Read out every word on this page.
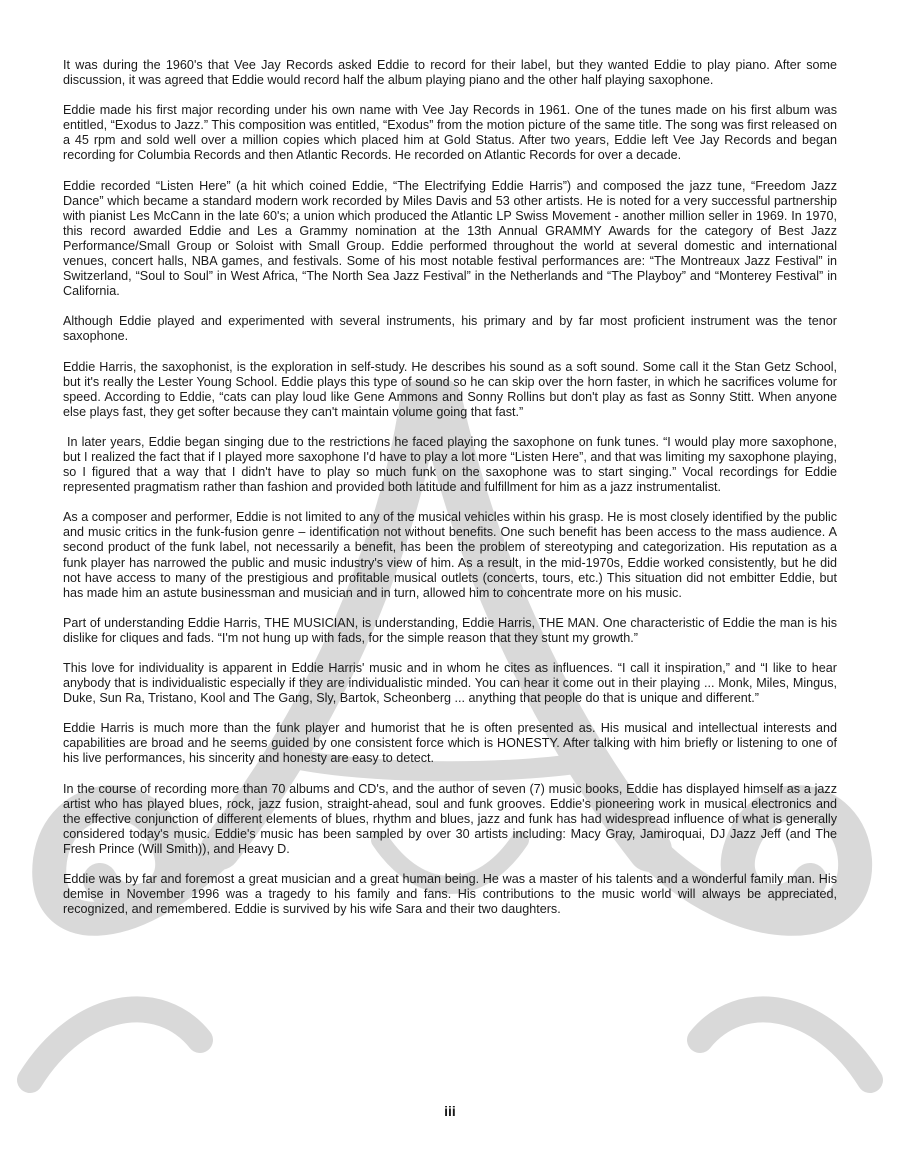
It was during the 1960's that Vee Jay Records asked Eddie to record for their label, but they wanted Eddie to play piano. After some discussion, it was agreed that Eddie would record half the album playing piano and the other half playing saxophone.

Eddie made his first major recording under his own name with Vee Jay Records in 1961. One of the tunes made on his first album was entitled, “Exodus to Jazz.” This composition was entitled, “Exodus” from the motion picture of the same title. The song was first released on a 45 rpm and sold well over a million copies which placed him at Gold Status. After two years, Eddie left Vee Jay Records and began recording for Columbia Records and then Atlantic Records. He recorded on Atlantic Records for over a decade.

Eddie recorded “Listen Here” (a hit which coined Eddie, “The Electrifying Eddie Harris”) and composed the jazz tune, “Freedom Jazz Dance” which became a standard modern work recorded by Miles Davis and 53 other artists. He is noted for a very successful partnership with pianist Les McCann in the late 60's; a union which produced the Atlantic LP Swiss Movement - another million seller in 1969. In 1970, this record awarded Eddie and Les a Grammy nomination at the 13th Annual GRAMMY Awards for the category of Best Jazz Performance/Small Group or Soloist with Small Group. Eddie performed throughout the world at several domestic and international venues, concert halls, NBA games, and festivals. Some of his most notable festival performances are: “The Montreaux Jazz Festival” in Switzerland, “Soul to Soul” in West Africa, “The North Sea Jazz Festival” in the Netherlands and “The Playboy” and “Monterey Festival” in California.

Although Eddie played and experimented with several instruments, his primary and by far most proficient instrument was the tenor saxophone.

Eddie Harris, the saxophonist, is the exploration in self-study. He describes his sound as a soft sound. Some call it the Stan Getz School, but it's really the Lester Young School. Eddie plays this type of sound so he can skip over the horn faster, in which he sacrifices volume for speed. According to Eddie, “cats can play loud like Gene Ammons and Sonny Rollins but don't play as fast as Sonny Stitt. When anyone else plays fast, they get softer because they can't maintain volume going that fast.”

In later years, Eddie began singing due to the restrictions he faced playing the saxophone on funk tunes. “I would play more saxophone, but I realized the fact that if I played more saxophone I'd have to play a lot more “Listen Here”, and that was limiting my saxophone playing, so I figured that a way that I didn't have to play so much funk on the saxophone was to start singing.” Vocal recordings for Eddie represented pragmatism rather than fashion and provided both latitude and fulfillment for him as a jazz instrumentalist.

As a composer and performer, Eddie is not limited to any of the musical vehicles within his grasp. He is most closely identified by the public and music critics in the funk-fusion genre – identification not without benefits. One such benefit has been access to the mass audience. A second product of the funk label, not necessarily a benefit, has been the problem of stereotyping and categorization. His reputation as a funk player has narrowed the public and music industry's view of him. As a result, in the mid-1970s, Eddie worked consistently, but he did not have access to many of the prestigious and profitable musical outlets (concerts, tours, etc.) This situation did not embitter Eddie, but has made him an astute businessman and musician and in turn, allowed him to concentrate more on his music.

Part of understanding Eddie Harris, THE MUSICIAN, is understanding, Eddie Harris, THE MAN. One characteristic of Eddie the man is his dislike for cliques and fads. “I'm not hung up with fads, for the simple reason that they stunt my growth.”

This love for individuality is apparent in Eddie Harris' music and in whom he cites as influences. “I call it inspiration,” and “I like to hear anybody that is individualistic especially if they are individualistic minded. You can hear it come out in their playing ... Monk, Miles, Mingus, Duke, Sun Ra, Tristano, Kool and The Gang, Sly, Bartok, Scheonberg ... anything that people do that is unique and different.”

Eddie Harris is much more than the funk player and humorist that he is often presented as. His musical and intellectual interests and capabilities are broad and he seems guided by one consistent force which is HONESTY. After talking with him briefly or listening to one of his live performances, his sincerity and honesty are easy to detect.

In the course of recording more than 70 albums and CD's, and the author of seven (7) music books, Eddie has displayed himself as a jazz artist who has played blues, rock, jazz fusion, straight-ahead, soul and funk grooves. Eddie's pioneering work in musical electronics and the effective conjunction of different elements of blues, rhythm and blues, jazz and funk has had widespread influence of what is generally considered today's music. Eddie's music has been sampled by over 30 artists including: Macy Gray, Jamiroquai, DJ Jazz Jeff (and The Fresh Prince (Will Smith)), and Heavy D.

Eddie was by far and foremost a great musician and a great human being. He was a master of his talents and a wonderful family man. His demise in November 1996 was a tragedy to his family and fans. His contributions to the music world will always be appreciated, recognized, and remembered. Eddie is survived by his wife Sara and their two daughters.

iii
